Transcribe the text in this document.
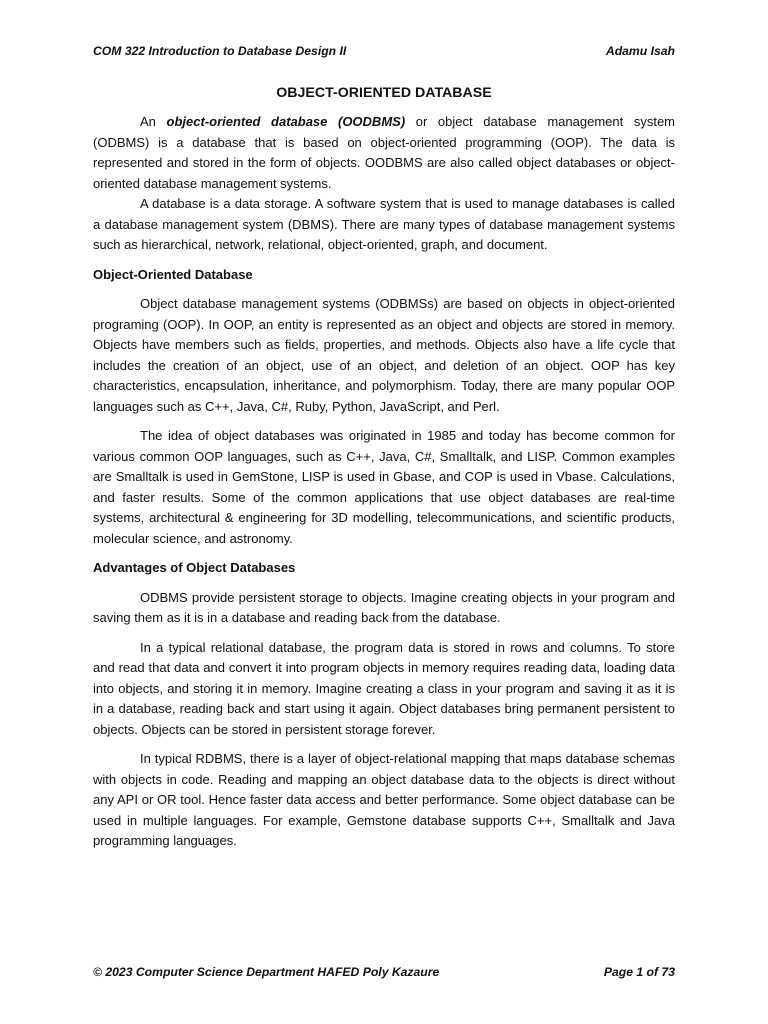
COM 322 Introduction to Database Design II	Adamu Isah
OBJECT-ORIENTED DATABASE

An object-oriented database (OODBMS) or object database management system (ODBMS) is a database that is based on object-oriented programming (OOP). The data is represented and stored in the form of objects. OODBMS are also called object databases or object-oriented database management systems.

A database is a data storage. A software system that is used to manage databases is called a database management system (DBMS). There are many types of database management systems such as hierarchical, network, relational, object-oriented, graph, and document.

Object-Oriented Database

Object database management systems (ODBMSs) are based on objects in object-oriented programing (OOP). In OOP, an entity is represented as an object and objects are stored in memory. Objects have members such as fields, properties, and methods. Objects also have a life cycle that includes the creation of an object, use of an object, and deletion of an object. OOP has key characteristics, encapsulation, inheritance, and polymorphism. Today, there are many popular OOP languages such as C++, Java, C#, Ruby, Python, JavaScript, and Perl.

The idea of object databases was originated in 1985 and today has become common for various common OOP languages, such as C++, Java, C#, Smalltalk, and LISP. Common examples are Smalltalk is used in GemStone, LISP is used in Gbase, and COP is used in Vbase. Calculations, and faster results. Some of the common applications that use object databases are real-time systems, architectural & engineering for 3D modelling, telecommunications, and scientific products, molecular science, and astronomy.

Advantages of Object Databases

ODBMS provide persistent storage to objects. Imagine creating objects in your program and saving them as it is in a database and reading back from the database.

In a typical relational database, the program data is stored in rows and columns. To store and read that data and convert it into program objects in memory requires reading data, loading data into objects, and storing it in memory. Imagine creating a class in your program and saving it as it is in a database, reading back and start using it again. Object databases bring permanent persistent to objects. Objects can be stored in persistent storage forever.

In typical RDBMS, there is a layer of object-relational mapping that maps database schemas with objects in code. Reading and mapping an object database data to the objects is direct without any API or OR tool. Hence faster data access and better performance. Some object database can be used in multiple languages. For example, Gemstone database supports C++, Smalltalk and Java programming languages.

© 2023 Computer Science Department HAFED Poly Kazaure	Page 1 of 73
